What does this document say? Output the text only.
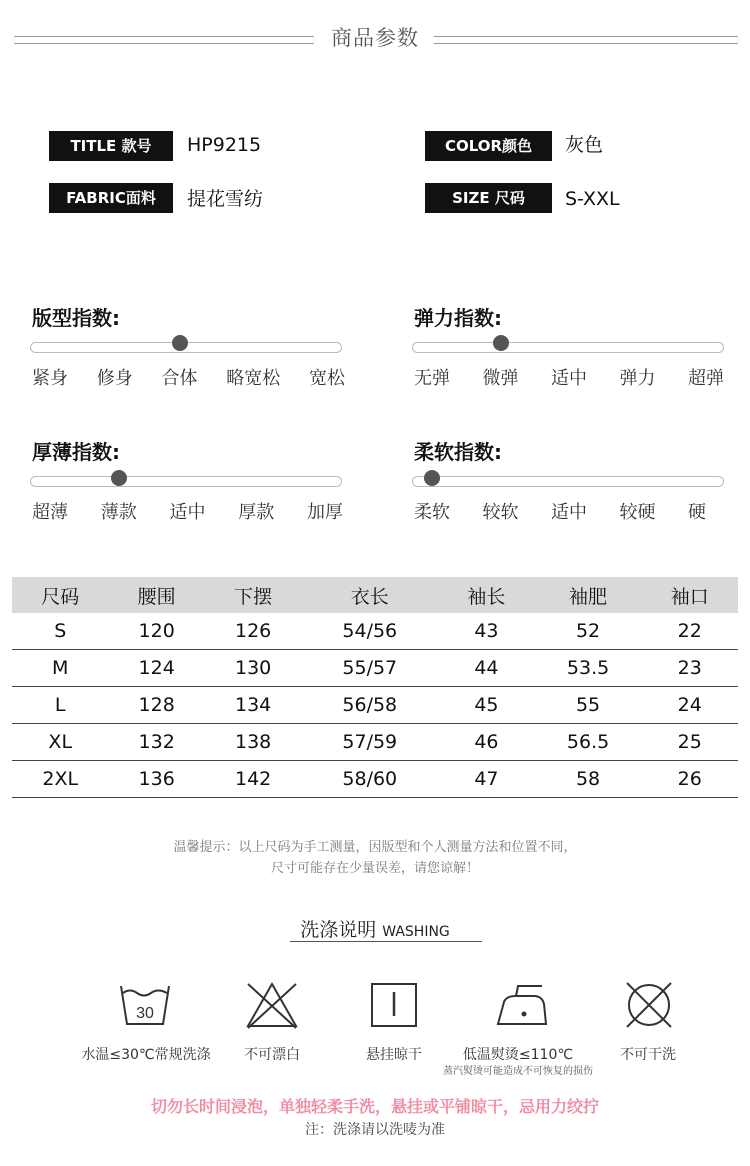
商品参数
TITLE 款号	HP9215	COLOR颜色	灰色
FABRIC面料	提花雪纺	SIZE 尺码	S-XXL
版型指数:
紧身 修身 合体 略宽松 宽松
弹力指数:
无弹 微弹 适中 弹力 超弹
厚薄指数:
超薄 薄款 适中 厚款 加厚
柔软指数:
柔软 较软 适中 较硬 硬
尺码	腰围	下摆	衣长	袖长	袖肥	袖口
S	120	126	54/56	43	52	22
M	124	130	55/57	44	53.5	23
L	128	134	56/58	45	55	24
XL	132	138	57/59	46	56.5	25
2XL	136	142	58/60	47	58	26
温馨提示：以上尺码为手工测量，因版型和个人测量方法和位置不同，
尺寸可能存在少量误差，请您谅解！
洗涤说明 WASHING
30
水温≤30℃常规洗涤	不可漂白	悬挂晾干	低温熨烫≤110℃
蒸汽熨烫可能造成不可恢复的损伤
不可干洗
切勿长时间浸泡，单独轻柔手洗，悬挂或平铺晾干，忌用力绞拧
注：洗涤请以洗唛为准
